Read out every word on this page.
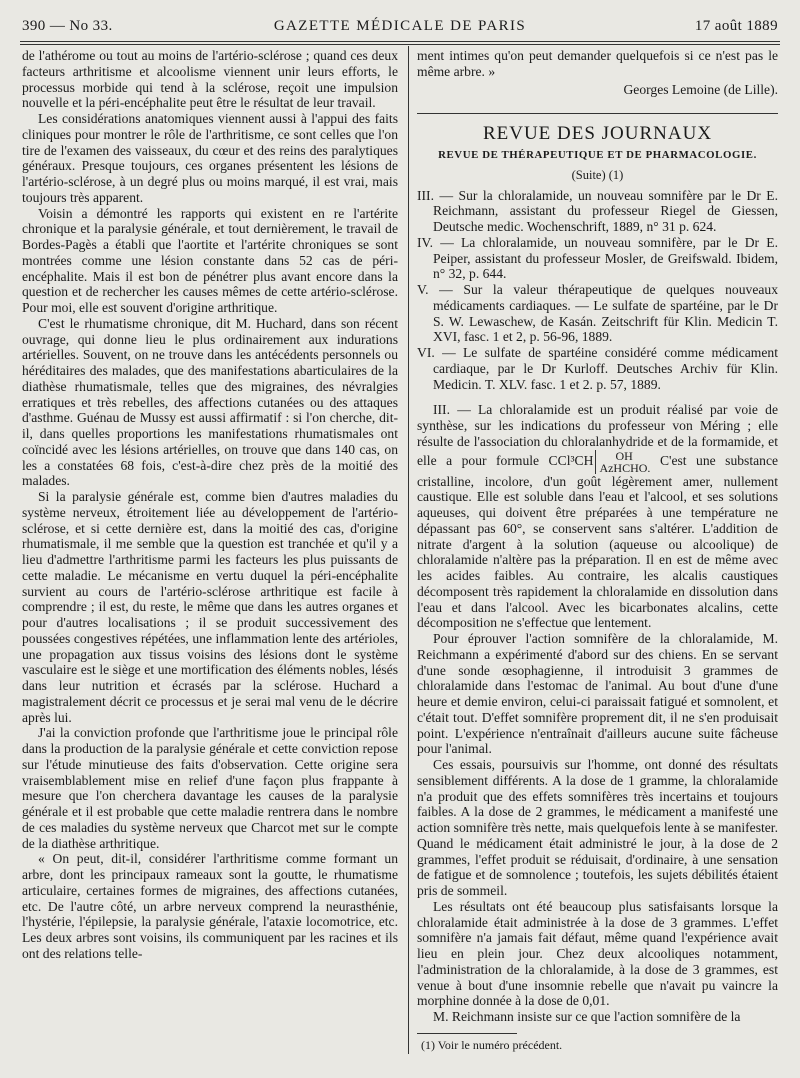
390 — No 33.	GAZETTE MÉDICALE DE PARIS	17 août 1889

de l'athérome ou tout au moins de l'artério-sclérose ; quand ces deux facteurs arthritisme et alcoolisme viennent unir leurs efforts, le processus morbide qui tend à la sclérose, reçoit une impulsion nouvelle et la péri-encéphalite peut être le résultat de leur travail.

Les considérations anatomiques viennent aussi à l'appui des faits cliniques pour montrer le rôle de l'arthritisme, ce sont celles que l'on tire de l'examen des vaisseaux, du cœur et des reins des paralytiques généraux. Presque toujours, ces organes présentent les lésions de l'artério-sclérose, à un degré plus ou moins marqué, il est vrai, mais toujours très apparent.

Voisin a démontré les rapports qui existent en re l'artérite chronique et la paralysie générale, et tout dernièrement, le travail de Bordes-Pagès a établi que l'aortite et l'artérite chroniques se sont montrées comme une lésion constante dans 52 cas de péri-encéphalite. Mais il est bon de pénétrer plus avant encore dans la question et de rechercher les causes mêmes de cette artério-sclérose. Pour moi, elle est souvent d'origine arthritique.

C'est le rhumatisme chronique, dit M. Huchard, dans son récent ouvrage, qui donne lieu le plus ordinairement aux indurations artérielles. Souvent, on ne trouve dans les antécédents personnels ou héréditaires des malades, que des manifestations abarticulaires de la diathèse rhumatismale, telles que des migraines, des névralgies erratiques et très rebelles, des affections cutanées ou des attaques d'asthme. Guénau de Mussy est aussi affirmatif : si l'on cherche, dit-il, dans quelles proportions les manifestations rhumatismales ont coïncidé avec les lésions artérielles, on trouve que dans 140 cas, on les a constatées 68 fois, c'est-à-dire chez près de la moitié des malades.

Si la paralysie générale est, comme bien d'autres maladies du système nerveux, étroitement liée au développement de l'artério-sclérose, et si cette dernière est, dans la moitié des cas, d'origine rhumatismale, il me semble que la question est tranchée et qu'il y a lieu d'admettre l'arthritisme parmi les facteurs les plus puissants de cette maladie. Le mécanisme en vertu duquel la péri-encéphalite survient au cours de l'artério-sclérose arthritique est facile à comprendre ; il est, du reste, le même que dans les autres organes et pour d'autres localisations ; il se produit successivement des poussées congestives répétées, une inflammation lente des artérioles, une propagation aux tissus voisins des lésions dont le système vasculaire est le siège et une mortification des éléments nobles, lésés dans leur nutrition et écrasés par la sclérose. Huchard a magistralement décrit ce processus et je serai mal venu de le décrire après lui.

J'ai la conviction profonde que l'arthritisme joue le principal rôle dans la production de la paralysie générale et cette conviction repose sur l'étude minutieuse des faits d'observation. Cette origine sera vraisemblablement mise en relief d'une façon plus frappante à mesure que l'on cherchera davantage les causes de la paralysie générale et il est probable que cette maladie rentrera dans le nombre de ces maladies du système nerveux que Charcot met sur le compte de la diathèse arthritique.

« On peut, dit-il, considérer l'arthritisme comme formant un arbre, dont les principaux rameaux sont la goutte, le rhumatisme articulaire, certaines formes de migraines, des affections cutanées, etc. De l'autre côté, un arbre nerveux comprend la neurasthénie, l'hystérie, l'épilepsie, la paralysie générale, l'ataxie locomotrice, etc. Les deux arbres sont voisins, ils communiquent par les racines et ils ont des relations telle-

ment intimes qu'on peut demander quelquefois si ce n'est pas le même arbre. »

Georges Lemoine (de Lille).
REVUE DES JOURNAUX
REVUE DE THÉRAPEUTIQUE ET DE PHARMACOLOGIE.
(Suite) (1)

III. — Sur la chloralamide, un nouveau somnifère par le Dr E. Reichmann, assistant du professeur Riegel de Giessen, Deutsche medic. Wochenschrift, 1889, n° 31 p. 624.

IV. — La chloralamide, un nouveau somnifère, par le Dr E. Peiper, assistant du professeur Mosler, de Greifswald. Ibidem, n° 32, p. 644.

V. — Sur la valeur thérapeutique de quelques nouveaux médicaments cardiaques. — Le sulfate de spartéine, par le Dr S. W. Lewaschew, de Kasán. Zeitschrift für Klin. Medicin T. XVI, fasc. 1 et 2, p. 56-96, 1889.

VI. — Le sulfate de spartéine considéré comme médicament cardiaque, par le Dr Kurloff. Deutsches Archiv für Klin. Medicin. T. XLV. fasc. 1 et 2. p. 57, 1889.

III. — La chloralamide est un produit réalisé par voie de synthèse, sur les indications du professeur von Méring ; elle résulte de l'association du chloralanhydride et de la formamide, et elle a pour formule CCl³CH OH
AzHCHO. C'est une substance cristalline, incolore, d'un goût légèrement amer, nullement caustique. Elle est soluble dans l'eau et l'alcool, et ses solutions aqueuses, qui doivent être préparées à une température ne dépassant pas 60°, se conservent sans s'altérer. L'addition de nitrate d'argent à la solution (aqueuse ou alcoolique) de chloralamide n'altère pas la préparation. Il en est de même avec les acides faibles. Au contraire, les alcalis caustiques décomposent très rapidement la chloralamide en dissolution dans l'eau et dans l'alcool. Avec les bicarbonates alcalins, cette décomposition ne s'effectue que lentement.

Pour éprouver l'action somnifère de la chloralamide, M. Reichmann a expérimenté d'abord sur des chiens. En se servant d'une sonde œsophagienne, il introduisit 3 grammes de chloralamide dans l'estomac de l'animal. Au bout d'une d'une heure et demie environ, celui-ci paraissait fatigué et somnolent, et c'était tout. D'effet somnifère proprement dit, il ne s'en produisait point. L'expérience n'entraînait d'ailleurs aucune suite fâcheuse pour l'animal.

Ces essais, poursuivis sur l'homme, ont donné des résultats sensiblement différents. A la dose de 1 gramme, la chloralamide n'a produit que des effets somnifères très incertains et toujours faibles. A la dose de 2 grammes, le médicament a manifesté une action somnifère très nette, mais quelquefois lente à se manifester. Quand le médicament était administré le jour, à la dose de 2 grammes, l'effet produit se réduisait, d'ordinaire, à une sensation de fatigue et de somnolence ; toutefois, les sujets débilités étaient pris de sommeil.

Les résultats ont été beaucoup plus satisfaisants lorsque la chloralamide était administrée à la dose de 3 grammes. L'effet somnifère n'a jamais fait défaut, même quand l'expérience avait lieu en plein jour. Chez deux alcooliques notamment, l'administration de la chloralamide, à la dose de 3 grammes, est venue à bout d'une insomnie rebelle que n'avait pu vaincre la morphine donnée à la dose de 0,01.

M. Reichmann insiste sur ce que l'action somnifère de la

(1) Voir le numéro précédent.
